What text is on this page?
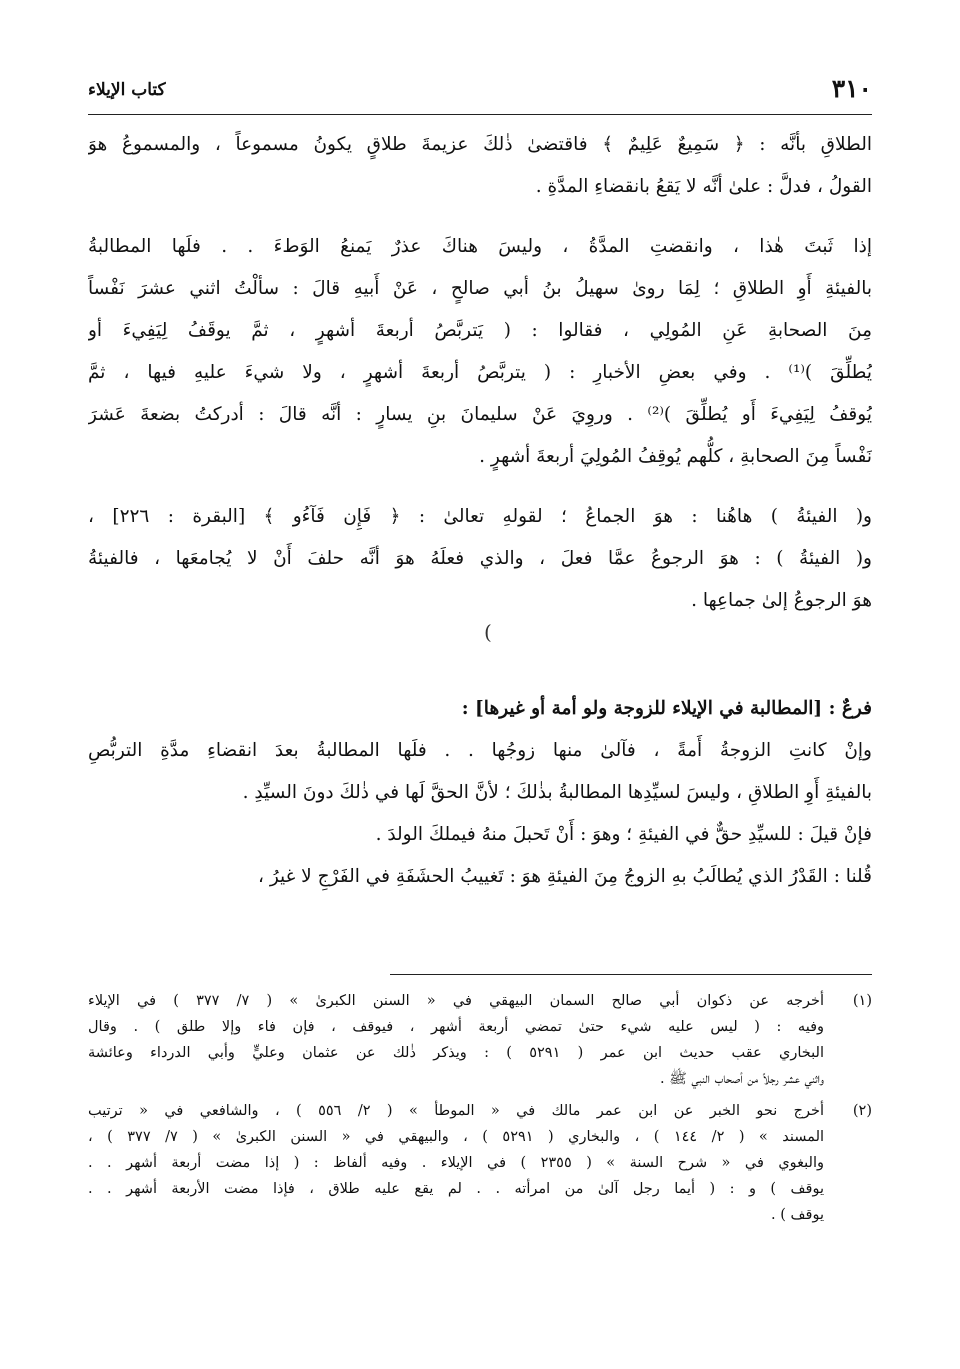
٣١٠
كتاب الإيلاء
الطلاقِ بأنَّه : ﴿ سَمِيعٌ عَلِيمٌ ﴾ فاقتضىٰ ذٰلكَ عزيمةَ طلاقٍ يكونُ مسموعاً ، والمسموعُ هوَ
القولُ ، فدلَّ : علىٰ أنَّه لا يَقعُ بانقضاءِ المدَّةِ .
إذا ثَبتَ هٰذا ، وانقضتِ المدَّةُ ، وليسَ هناكَ عذرٌ يَمنعُ الوَطءَ . . فلَها المطالبةُ
بالفيئةِ أَوِ الطلاقِ ؛ لِمَا روىٰ سهيلُ بنُ أبي صالحٍ ، عَنْ أَبيهِ قالَ : سألْتُ اثني عشرَ نَفْساً
مِنَ الصحابةِ عَنِ المُولِي ، فقالوا : ( يَتربَّصُ أربعةَ أشهرٍ ، ثمَّ يوقَفُ لِيَفِيءَ أو
يُطلِّقَ )⁽¹⁾ . وفي بعضِ الأخبارِ : ( يتربَّصُ أربعةَ أشهرٍ ، ولا شيءَ عليهِ فيها ، ثمَّ
يُوقفُ لِيَفِيءَ أَو يُطلِّقَ )⁽²⁾ . وروِيَ عَنْ سليمانَ بنِ يسارٍ : أنَّه قالَ : أدركتُ بضعةَ عَشرَ
نَفْساً مِنَ الصحابةِ ، كلُّهم يُوقِفُ المُولِيَ أربعةَ أشهرٍ .
و( الفيئةُ ) هاهُنا : هوَ الجماعُ ؛ لقولهِ تعالىٰ : ﴿ فَإِن فَآءُو ﴾ [البقرة : ٢٢٦] ،
و( الفيئةُ ) : هوَ الرجوعُ عمَّا فعلَ ، والذي فعلَهُ هوَ أنَّه حلفَ أَنْ لا يُجامعَها ، فالفيئةُ
هوَ الرجوعُ إلىٰ جماعِها .
(
فرعٌ : [المطالبة في الإيلاء للزوجة ولو أمة أو غيرها] :
وإنْ كانتِ الزوجةُ أَمةً ، فآلىٰ منها زوجُها . . فلَها المطالبةُ بعدَ انقضاءِ مدَّةِ التربُّصِ
بالفيئةِ أَوِ الطلاقِ ، وليسَ لسيِّدِها المطالبةُ بذٰلكَ ؛ لأنَّ الحقَّ لَها في ذٰلكَ دونَ السيِّدِ .
فإنْ قيلَ : للسيِّدِ حقٌّ في الفيئةِ ؛ وهوَ : أَنْ تَحبلَ منهُ فيملكَ الولدَ .
قُلنا : القَدْرُ الذي يُطالَبُ بهِ الزوجُ مِنَ الفيئةِ هوَ : تَغييبُ الحشَفَةِ في الفَرْجِ لا غيرُ ،
(١)
أخرجه عن ذكوان أبي صالح السمان البيهقي في « السنن الكبرىٰ » ( ٧/ ٣٧٧ ) في الإيلاء
وفيه : ( ليس عليه شيء حتىٰ تمضي أربعة أشهر ، فيوقف ، فإن فاء وإلا طلق ) . وقال
البخاري عقب حديث ابن عمر ( ٥٢٩١ ) : ويذكر ذٰلك عن عثمان وعليٍّ وأبي الدرداء وعائشة
واثني عشر رجلاً من أصحاب النبي ﷺ .
(٢)
أخرج نحو الخبر عن ابن عمر مالك في « الموطأ » ( ٢/ ٥٥٦ ) ، والشافعي في « ترتيب
المسند » ( ٢/ ١٤٤ ) ، والبخاري ( ٥٢٩١ ) ، والبيهقي في « السنن الكبرىٰ » ( ٧/ ٣٧٧ ) ،
والبغوي في « شرح السنة » ( ٢٣٥٥ ) في الإيلاء . وفيه ألفاظ : ( إذا مضت أربعة أشهر . .
يوقف ) و : ( أيما رجل آلىٰ من امرأته . . لم يقع عليه طلاق ، فإذا مضت الأربعة أشهر . .
يوقف ) .
